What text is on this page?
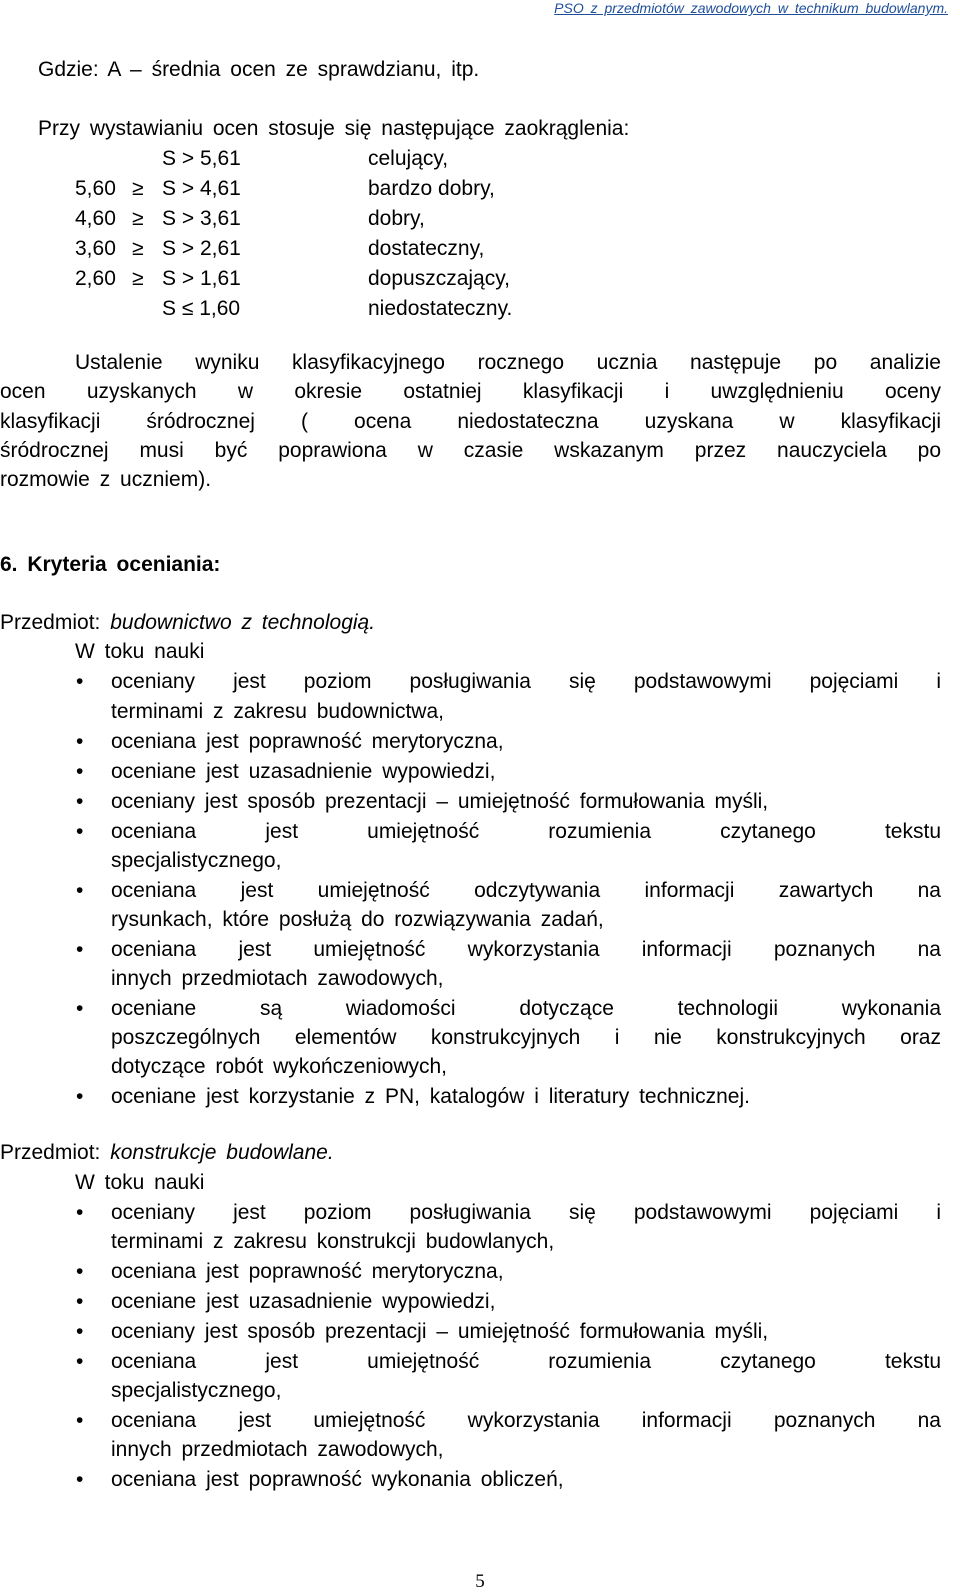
PSO z przedmiotów zawodowych w technikum budowlanym.
Gdzie: A – średnia ocen ze sprawdzianu, itp.
Przy wystawianiu ocen stosuje się następujące zaokrąglenia:
S > 5,61	celujący,
5,60 ≥ S > 4,61	bardzo dobry,
4,60 ≥ S > 3,61	dobry,
3,60 ≥ S > 2,61	dostateczny,
2,60 ≥ S > 1,61	dopuszczający,
S ≤ 1,60	niedostateczny.
Ustalenie wyniku klasyfikacyjnego rocznego ucznia następuje po analizie
ocen uzyskanych w okresie ostatniej klasyfikacji i uwzględnieniu oceny
klasyfikacji śródrocznej ( ocena niedostateczna uzyskana w klasyfikacji
śródrocznej musi być poprawiona w czasie wskazanym przez nauczyciela po
rozmowie z uczniem).
6. Kryteria oceniania:
Przedmiot: budownictwo z technologią.
W toku nauki
• oceniany jest poziom posługiwania się podstawowymi pojęciami i
terminami z zakresu budownictwa,
• oceniana jest poprawność merytoryczna,
• oceniane jest uzasadnienie wypowiedzi,
• oceniany jest sposób prezentacji – umiejętność formułowania myśli,
• oceniana jest umiejętność rozumienia czytanego tekstu
specjalistycznego,
• oceniana jest umiejętność odczytywania informacji zawartych na
rysunkach, które posłużą do rozwiązywania zadań,
• oceniana jest umiejętność wykorzystania informacji poznanych na
innych przedmiotach zawodowych,
• oceniane są wiadomości dotyczące technologii wykonania
poszczególnych elementów konstrukcyjnych i nie konstrukcyjnych oraz
dotyczące robót wykończeniowych,
• oceniane jest korzystanie z PN, katalogów i literatury technicznej.
Przedmiot: konstrukcje budowlane.
W toku nauki
• oceniany jest poziom posługiwania się podstawowymi pojęciami i
terminami z zakresu konstrukcji budowlanych,
• oceniana jest poprawność merytoryczna,
• oceniane jest uzasadnienie wypowiedzi,
• oceniany jest sposób prezentacji – umiejętność formułowania myśli,
• oceniana jest umiejętność rozumienia czytanego tekstu
specjalistycznego,
• oceniana jest umiejętność wykorzystania informacji poznanych na
innych przedmiotach zawodowych,
• oceniana jest poprawność wykonania obliczeń,
5
